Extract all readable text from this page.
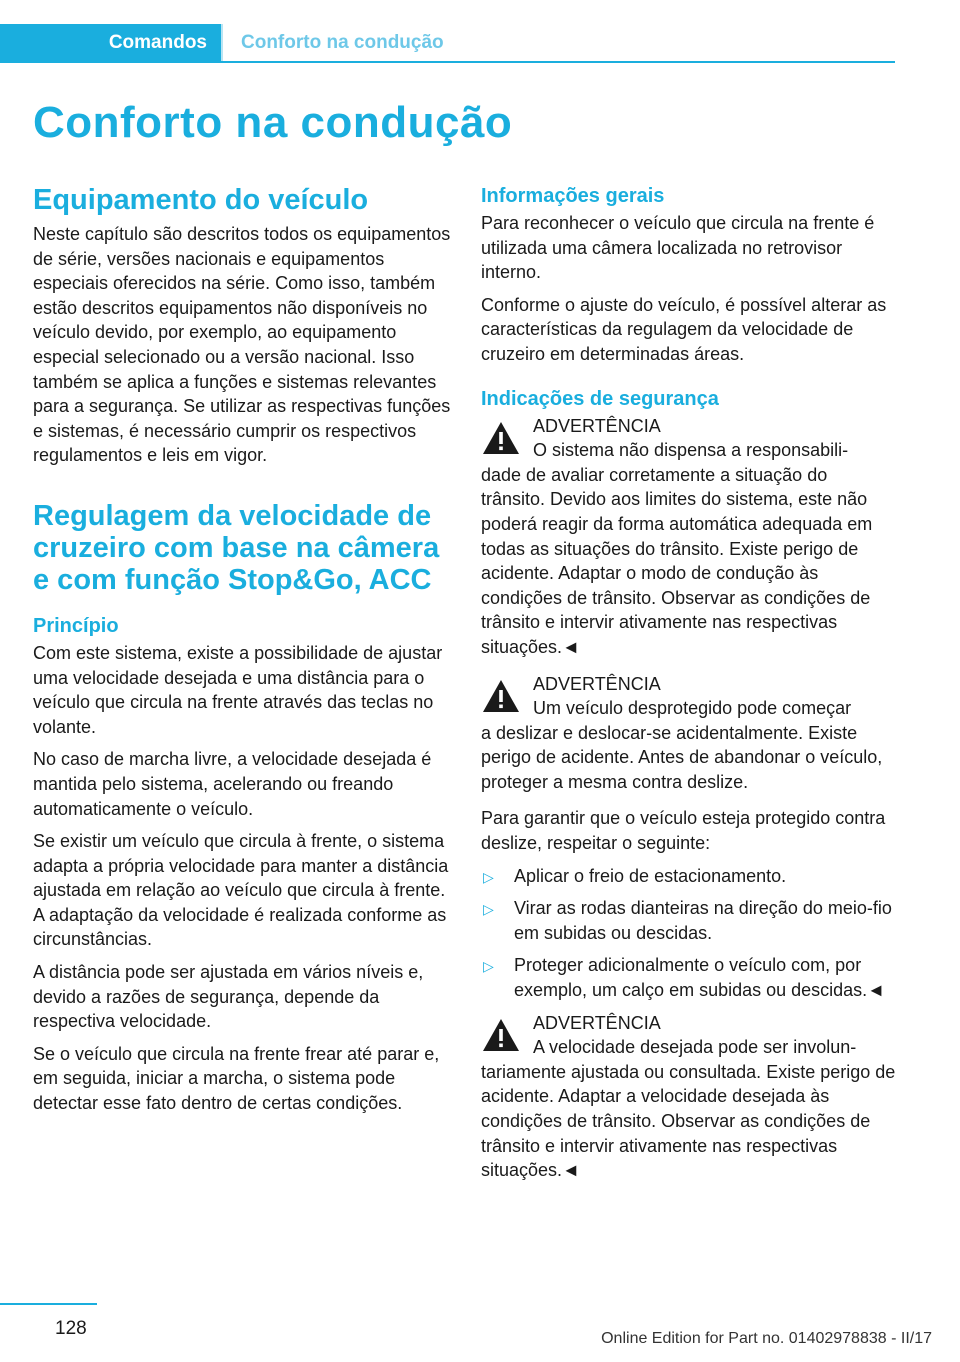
Comandos Conforto na condução
Conforto na condução
Equipamento do veículo

Neste capítulo são descritos todos os equipamentos de série, versões nacionais e equipamentos especiais oferecidos na série. Como isso, também estão descritos equipamentos não disponíveis no veículo devido, por exemplo, ao equipamento especial selecionado ou a versão nacional. Isso também se aplica a funções e sistemas relevantes para a segurança. Se utilizar as respectivas funções e sistemas, é necessário cumprir os respectivos regulamentos e leis em vigor.

Regulagem da velocidade de cruzeiro com base na câmera e com função Stop&Go, ACC
Princípio

Com este sistema, existe a possibilidade de ajustar uma velocidade desejada e uma distância para o veículo que circula na frente através das teclas no volante.

No caso de marcha livre, a velocidade desejada é mantida pelo sistema, acelerando ou freando automaticamente o veículo.

Se existir um veículo que circula à frente, o sistema adapta a própria velocidade para manter a distância ajustada em relação ao veículo que circula à frente. A adaptação da velocidade é realizada conforme as circunstâncias.

A distância pode ser ajustada em vários níveis e, devido a razões de segurança, depende da respectiva velocidade.

Se o veículo que circula na frente frear até parar e, em seguida, iniciar a marcha, o sistema pode detectar esse fato dentro de certas condições.

Informações gerais

Para reconhecer o veículo que circula na frente é utilizada uma câmera localizada no retrovisor interno.

Conforme o ajuste do veículo, é possível alterar as características da regulagem da velocidade de cruzeiro em determinadas áreas.

Indicações de segurança

ADVERTÊNCIA

O sistema não dispensa a responsabili-

dade de avaliar corretamente a situação do trânsito. Devido aos limites do sistema, este não poderá reagir da forma automática adequada em todas as situações do trânsito. Existe perigo de acidente. Adaptar o modo de condução às condições de trânsito. Observar as condições de trânsito e intervir ativamente nas respectivas situações.◄

ADVERTÊNCIA

Um veículo desprotegido pode começar

a deslizar e deslocar-se acidentalmente. Existe perigo de acidente. Antes de abandonar o veículo, proteger a mesma contra deslize.

Para garantir que o veículo esteja protegido contra deslize, respeitar o seguinte:

▷ Aplicar o freio de estacionamento.
▷ Virar as rodas dianteiras na direção do meio-fio em subidas ou descidas.
▷ Proteger adicionalmente o veículo com, por exemplo, um calço em subidas ou descidas.◄

ADVERTÊNCIA

A velocidade desejada pode ser involun-

tariamente ajustada ou consultada. Existe perigo de acidente. Adaptar a velocidade desejada às condições de trânsito. Observar as condições de trânsito e intervir ativamente nas respectivas situações.◄

128	Online Edition for Part no. 01402978838 - II/17
